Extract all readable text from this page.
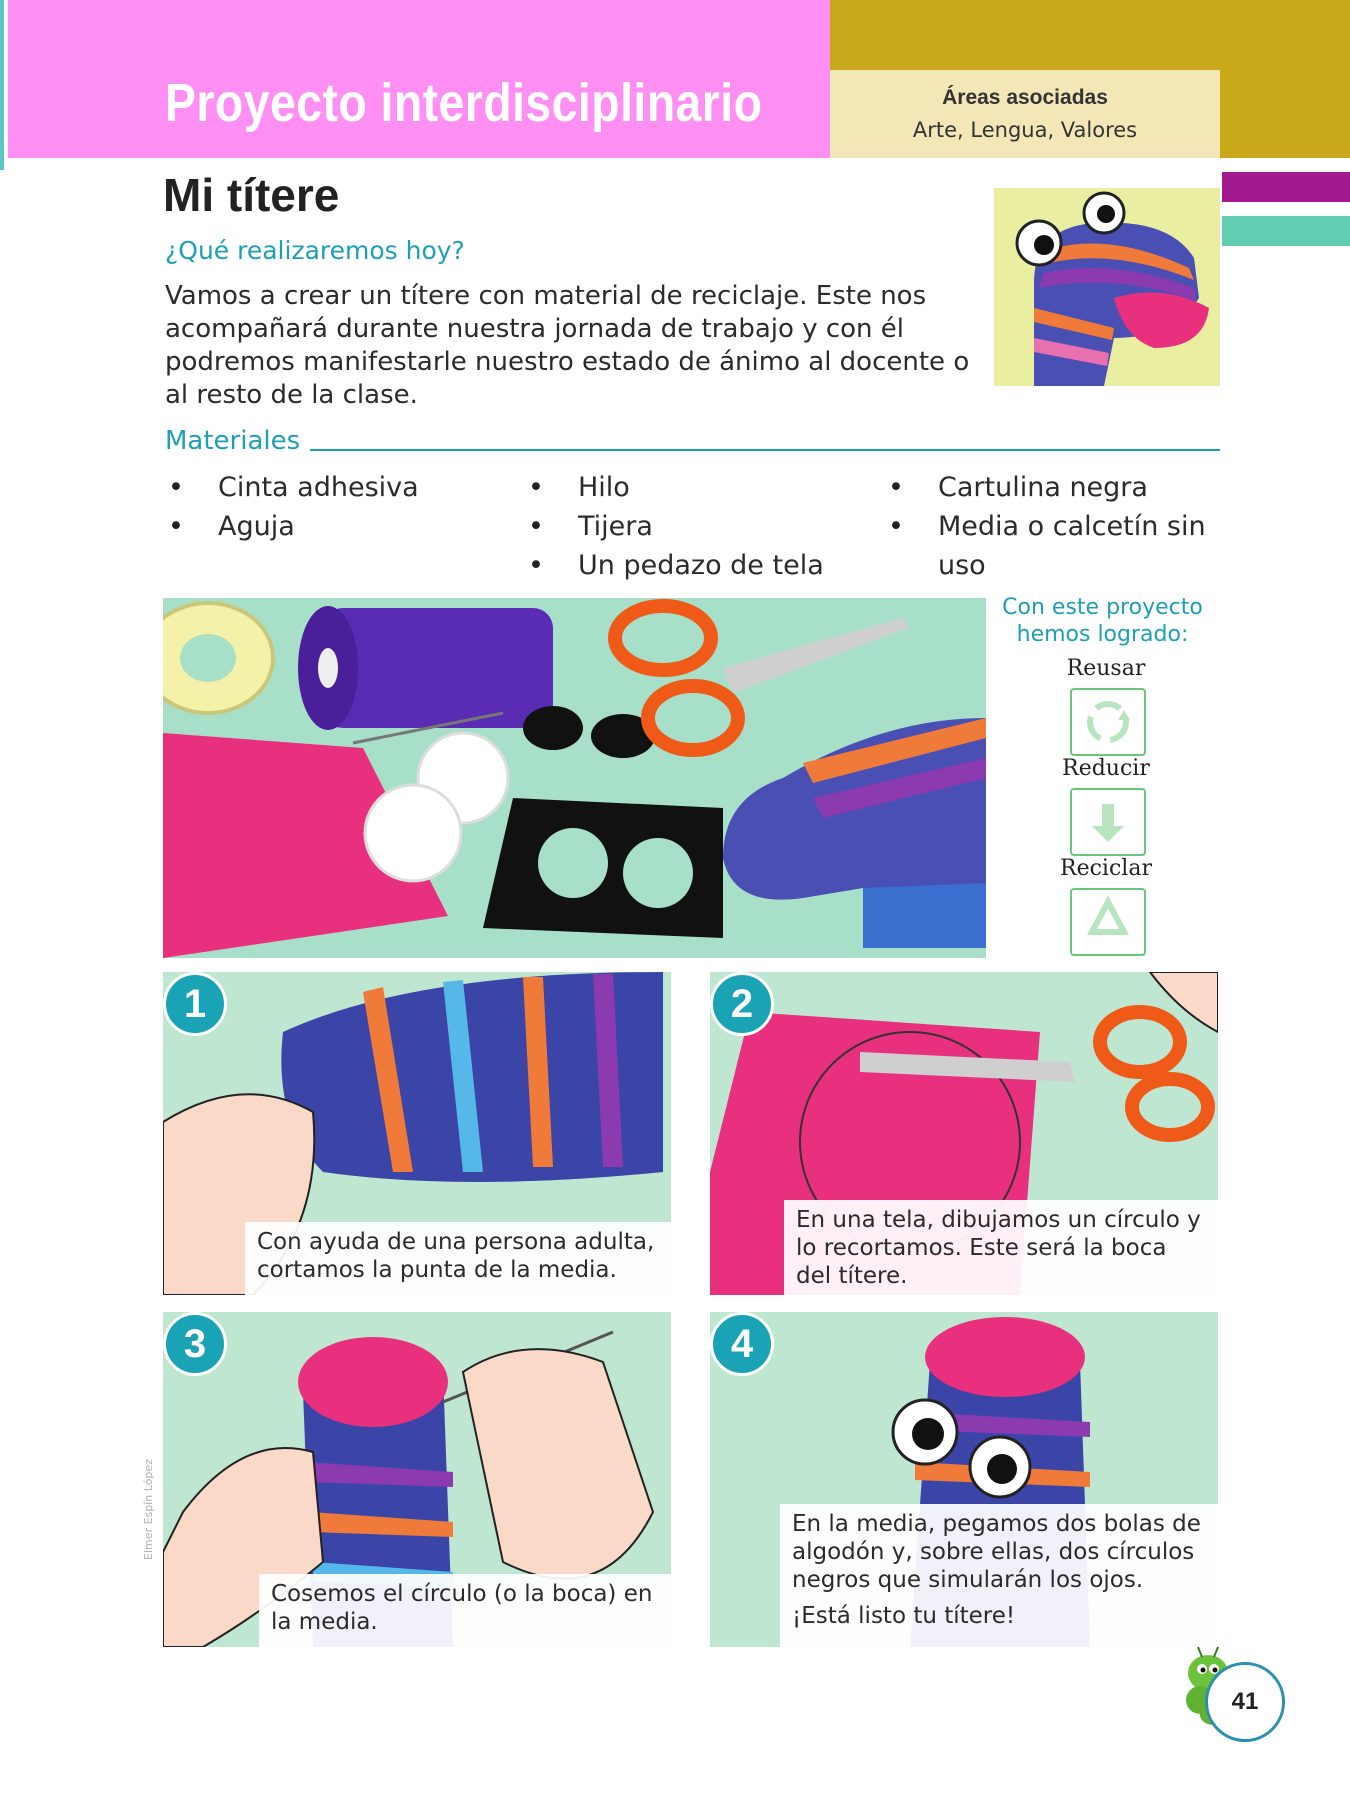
Proyecto interdisciplinario	Áreas asociadas
Arte, Lengua, Valores
Mi títere
¿Qué realizaremos hoy?
Vamos a crear un títere con material de reciclaje. Este nos acompañará durante nuestra jornada de trabajo y con él podremos manifestarle nuestro estado de ánimo al docente o al resto de la clase.
Materiales
• Cinta adhesiva
• Aguja
• Hilo
• Tijera
• Un pedazo de tela
• Cartulina negra
• Media o calcetín sin uso
Con este proyecto hemos logrado:
Reusar
Reducir
Reciclar
1
Con ayuda de una persona adulta, cortamos la punta de la media.
2
En una tela, dibujamos un círculo y lo recortamos. Este será la boca del títere.
3
Cosemos el círculo (o la boca) en la media.
4
En la media, pegamos dos bolas de algodón y, sobre ellas, dos círculos negros que simularán los ojos.
¡Está listo tu títere!
Elmer Espín López
41
